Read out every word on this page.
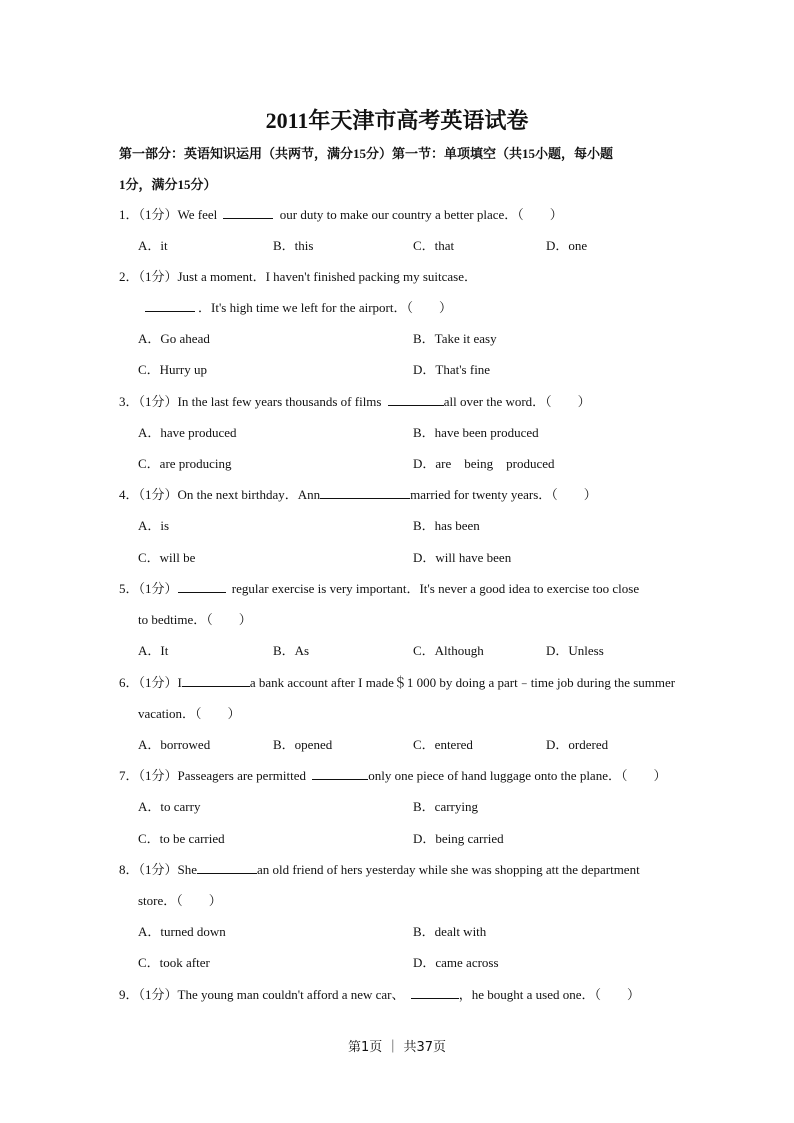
2011年天津市高考英语试卷
第一部分：英语知识运用（共两节，满分15分）第一节：单项填空（共15小题，每小题
1分，满分15分）
1．（1分）We feel	our duty to make our country a better place．（　　）
A．it	B．this	C．that	D．one
2．（1分）Just a moment．I haven't finished packing my suitcase．
．It's high time we left for the airport．（　　）
A．Go ahead	B．Take it easy
C．Hurry up	D．That's fine
3．（1分）In the last few years thousands of films	all over the word．（　　）
A．have produced	B．have been produced
C．are producing	D．are　being　produced
4．（1分）On the next birthday．Ann	married for twenty years．（　　）
A．is	B．has been
C．will be	D．will have been
5．（1分）	regular exercise is very important．It's never a good idea to exercise too close
to bedtime．（　　）
A．It	B．As	C．Although	D．Unless
6．（1分）I	a bank account after I made＄1 000 by doing a part﹣time job during the summer
vacation．（　　）
A．borrowed	B．opened	C．entered	D．ordered
7．（1分）Passeagers are permitted	only one piece of hand luggage onto the plane．（　　）
A．to carry	B．carrying
C．to be carried	D．being carried
8．（1分）She	an old friend of hers yesterday while she was shopping att the department
store．（　　）
A．turned down	B．dealt with
C．took after	D．came across
9．（1分）The young man couldn't afford a new car、	，he bought a used one．（　　）
第1页 ｜ 共37页
